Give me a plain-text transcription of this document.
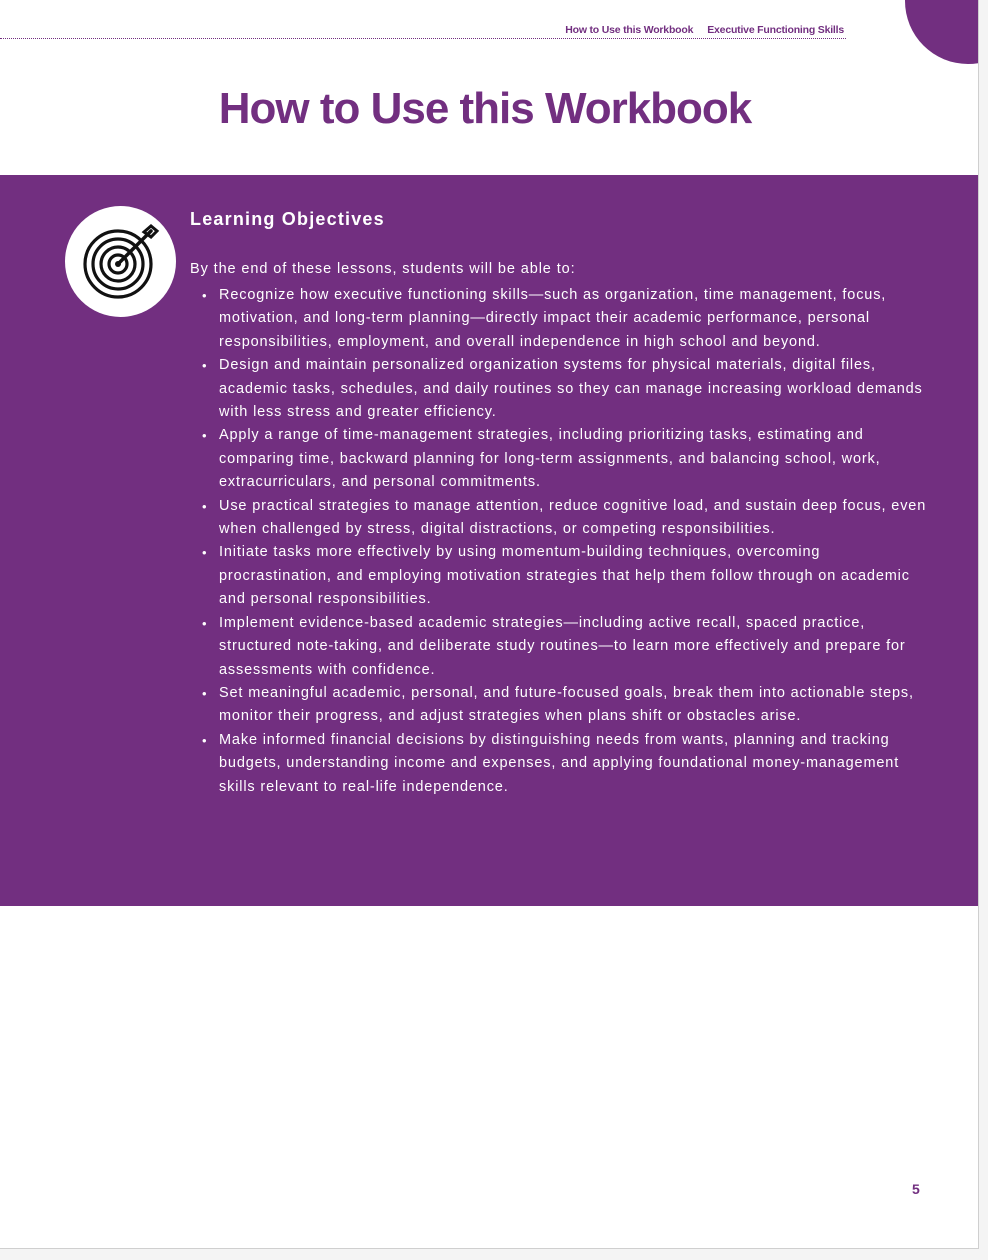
How to Use this Workbook Executive Functioning Skills
How to Use this Workbook
Learning Objectives

By the end of these lessons, students will be able to:

• Recognize how executive functioning skills—such as organization, time management, focus, motivation, and long-term planning—directly impact their academic performance, personal responsibilities, employment, and overall independence in high school and beyond.
• Design and maintain personalized organization systems for physical materials, digital files, academic tasks, schedules, and daily routines so they can manage increasing workload demands with less stress and greater efficiency.
• Apply a range of time-management strategies, including prioritizing tasks, estimating and comparing time, backward planning for long-term assignments, and balancing school, work, extracurriculars, and personal commitments.
• Use practical strategies to manage attention, reduce cognitive load, and sustain deep focus, even when challenged by stress, digital distractions, or competing responsibilities.
• Initiate tasks more effectively by using momentum-building techniques, overcoming procrastination, and employing motivation strategies that help them follow through on academic and personal responsibilities.
• Implement evidence-based academic strategies—including active recall, spaced practice, structured note-taking, and deliberate study routines—to learn more effectively and prepare for assessments with confidence.
• Set meaningful academic, personal, and future-focused goals, break them into actionable steps, monitor their progress, and adjust strategies when plans shift or obstacles arise.
• Make informed financial decisions by distinguishing needs from wants, planning and tracking budgets, understanding income and expenses, and applying foundational money-management skills relevant to real-life independence.
5
